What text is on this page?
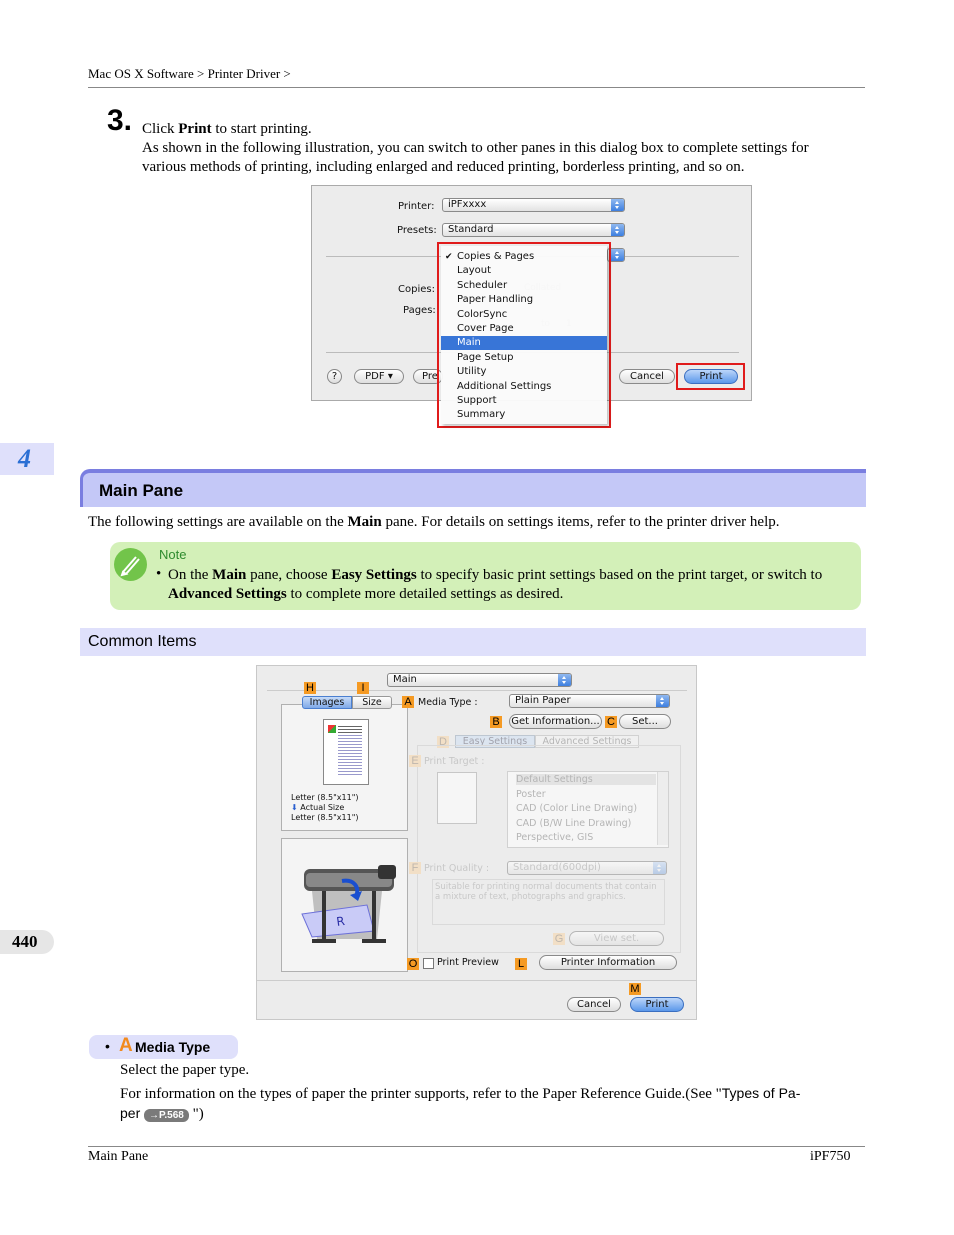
Mac OS X Software > Printer Driver >
3. Click Print to start printing.
As shown in the following illustration, you can switch to other panes in this dialog box to complete settings for
various methods of printing, including enlarged and reduced printing, borderless printing, and so on.
Printer:	iPFxxxx
Presets:	Standard
Copies:
Pages:
?	PDF ▾	Pre	Cancel	Print
✔ Copies & Pages
Layout
Scheduler
Paper Handling
ColorSync
Cover Page
Main
Page Setup
Utility
Additional Settings
Support
Summary
4
Main Pane
The following settings are available on the Main pane. For details on settings items, refer to the printer driver help.
Note
• On the Main pane, choose Easy Settings to specify basic print settings based on the print target, or switch to
Advanced Settings to complete more detailed settings as desired.
Common Items
Main
H	I
Images	Size
Letter (8.5"x11")
⬇ Actual Size
Letter (8.5"x11")
R
A Media Type :	Plain Paper
B Get Information... C	Set...
D	Easy Settings	Advanced Settings
E Print Target :
Default Settings
Poster
CAD (Color Line Drawing)
CAD (B/W Line Drawing)
Perspective, GIS
F Print Quality :	Standard(600dpi)
Suitable for printing normal documents that contain
a mixture of text, photographs and graphics.
G	View set.
O Print Preview L	Printer Information
M
Cancel	Print
440
• A Media Type
Select the paper type.
For information on the types of paper the printer supports, refer to the Paper Reference Guide.(See "Types of Pa-
per →P.568 ")
Main Pane	iPF750
